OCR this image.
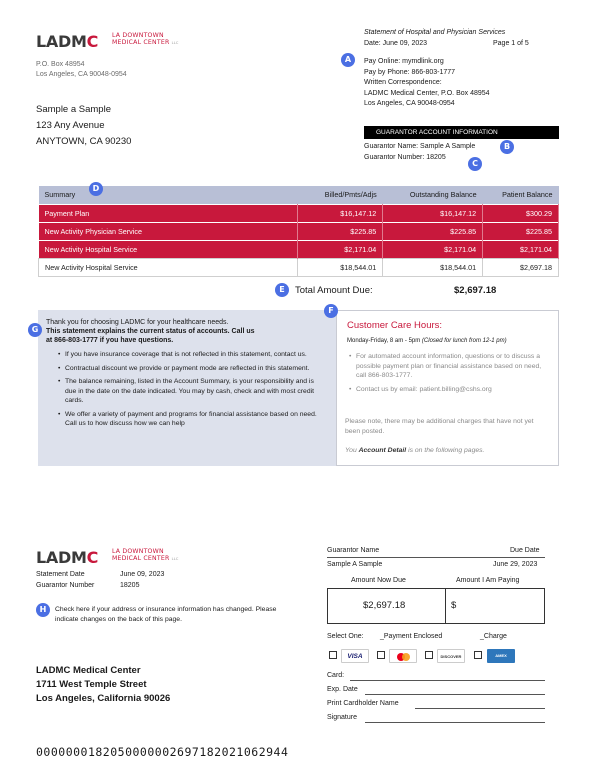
LADMC LA DOWNTOWN
MEDICAL CENTER LLC
P.O. Box 48954
Los Angeles, CA 90048-0954
Sample a Sample
123 Any Avenue
ANYTOWN, CA 90230
Statement of Hospital and Physician Services
Date: June 09, 2023	Page 1 of 5
A	Pay Online: mymdlink.org
Pay by Phone: 866-803-1777
Written Correspondence:
LADMC Medical Center, P.O. Box 48954
Los Angeles, CA 90048-0954
GUARANTOR ACCOUNT INFORMATION
Guarantor Name: Sample A Sample	B
Guarantor Number: 18205
C
Summary	Billed/Pmts/Adjs	Outstanding Balance	Patient Balance
Payment Plan	$16,147.12	$16,147.12	$300.29
New Activity Physician Service	$225.85	$225.85	$225.85
New Activity Hospital Service	$2,171.04	$2,171.04	$2,171.04
New Activity Hospital Service	$18,544.01	$18,544.01	$2,697.18
D
E	Total Amount Due:	$2,697.18
Thank you for choosing LADMC for your healthcare needs.
This statement explains the current status of accounts. Call us
at 866-803-1777 if you have questions.
• If you have insurance coverage that is not reflected in this statement, contact us.
• Contractual discount we provide or payment mode are reflected in this statement.
• The balance remaining, listed in the Account Summary, is your responsibility and is due in the date on the date indicated. You may by cash, check and with most credit cards.
• We offer a variety of payment and programs for financial assistance based on need. Call us to how discuss how we can help
G	Customer Care Hours:
Monday-Friday, 8 am - 5pm (Closed for lunch from 12-1 pm)
• For automated account information, questions or to discuss a possible payment plan or financial assistance based on need, call 866-803-1777.
• Contact us by email: patient.billing@cshs.org
Please note, there may be additional charges that have not yet been posted.
You Account Detail is on the following pages.
F
LADMC LA DOWNTOWN
MEDICAL CENTER LLC
Statement Date	June 09, 2023
Guarantor Number	18205
H	Check here if your address or insurance information has changed. Please indicate changes on the back of this page.
LADMC Medical Center
1711 West Temple Street
Los Angeles, California 90026
Guarantor Name	Due Date
Sample A Sample	June 29, 2023
Amount Now Due	Amount I Am Paying
$2,697.18	$
Select One: _Payment Enclosed	_Charge
VISA	DISCOVER	AMEX
Card:
Exp. Date
Print Cardholder Name
Signature
0000000182050000002697182021062944
